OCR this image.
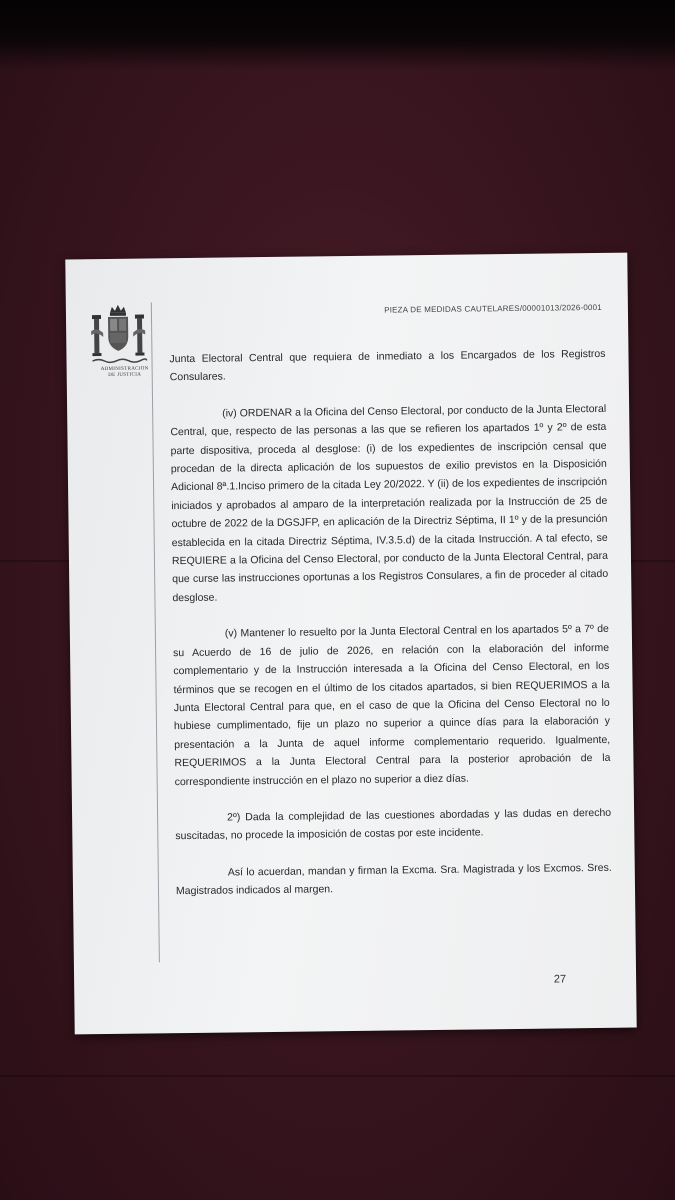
ADMINISTRACION
DE JUSTICIA
PIEZA DE MEDIDAS CAUTELARES/00001013/2026-0001

Junta Electoral Central que requiera de inmediato a los Encargados de los Registros Consulares.

(iv) ORDENAR a la Oficina del Censo Electoral, por conducto de la Junta Electoral Central, que, respecto de las personas a las que se refieren los apartados 1º y 2º de esta parte dispositiva, proceda al desglose: (i) de los expedientes de inscripción censal que procedan de la directa aplicación de los supuestos de exilio previstos en la Disposición Adicional 8ª.1.Inciso primero de la citada Ley 20/2022. Y (ii) de los expedientes de inscripción iniciados y aprobados al amparo de la interpretación realizada por la Instrucción de 25 de octubre de 2022 de la DGSJFP, en aplicación de la Directriz Séptima, II 1º y de la presunción establecida en la citada Directriz Séptima, IV.3.5.d) de la citada Instrucción. A tal efecto, se REQUIERE a la Oficina del Censo Electoral, por conducto de la Junta Electoral Central, para que curse las instrucciones oportunas a los Registros Consulares, a fin de proceder al citado desglose.

(v) Mantener lo resuelto por la Junta Electoral Central en los apartados 5º a 7º de su Acuerdo de 16 de julio de 2026, en relación con la elaboración del informe complementario y de la Instrucción interesada a la Oficina del Censo Electoral, en los términos que se recogen en el último de los citados apartados, si bien REQUERIMOS a la Junta Electoral Central para que, en el caso de que la Oficina del Censo Electoral no lo hubiese cumplimentado, fije un plazo no superior a quince días para la elaboración y presentación a la Junta de aquel informe complementario requerido. Igualmente, REQUERIMOS a la Junta Electoral Central para la posterior aprobación de la correspondiente instrucción en el plazo no superior a diez días.

2º) Dada la complejidad de las cuestiones abordadas y las dudas en derecho suscitadas, no procede la imposición de costas por este incidente.

Así lo acuerdan, mandan y firman la Excma. Sra. Magistrada y los Excmos. Sres. Magistrados indicados al margen.

27
